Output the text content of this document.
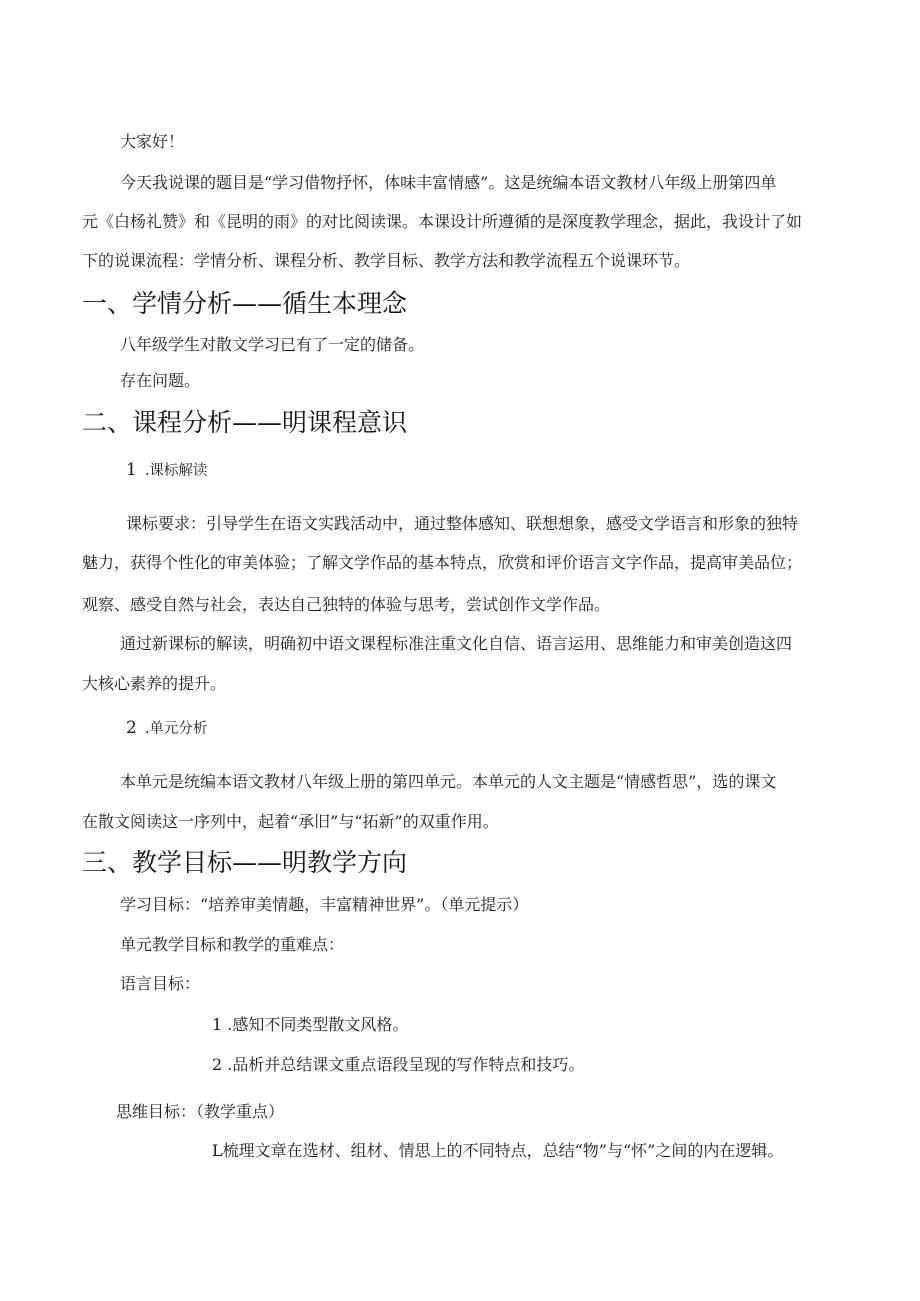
大家好！
今天我说课的题目是“学习借物抒怀，体味丰富情感”。这是统编本语文教材八年级上册第四单
元《白杨礼赞》和《昆明的雨》的对比阅读课。本课设计所遵循的是深度教学理念，据此，我设计了如
下的说课流程：学情分析、课程分析、教学目标、教学方法和教学流程五个说课环节。
一、学情分析——循生本理念
八年级学生对散文学习已有了一定的储备。
存在问题。
二、课程分析——明课程意识
1 .课标解读
课标要求：引导学生在语文实践活动中，通过整体感知、联想想象，感受文学语言和形象的独特
魅力，获得个性化的审美体验；了解文学作品的基本特点，欣赏和评价语言文字作品，提高审美品位；
观察、感受自然与社会，表达自己独特的体验与思考，尝试创作文学作品。
通过新课标的解读，明确初中语文课程标准注重文化自信、语言运用、思维能力和审美创造这四
大核心素养的提升。
2 .单元分析
本单元是统编本语文教材八年级上册的第四单元。本单元的人文主题是“情感哲思”，选的课文
在散文阅读这一序列中，起着“承旧”与“拓新”的双重作用。
三、教学目标——明教学方向
学习目标：“培养审美情趣，丰富精神世界”。（单元提示）
单元教学目标和教学的重难点：
语言目标：
1 .感知不同类型散文风格。
2 .品析并总结课文重点语段呈现的写作特点和技巧。
思维目标：（教学重点）
L梳理文章在选材、组材、情思上的不同特点，总结“物”与“怀”之间的内在逻辑。
